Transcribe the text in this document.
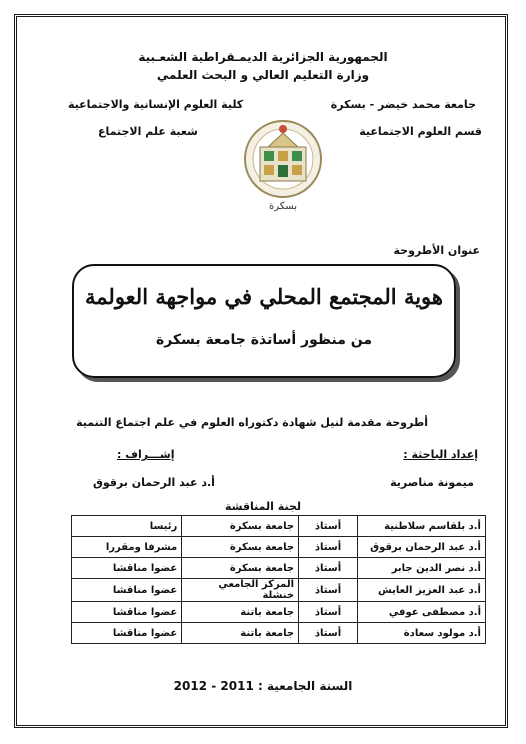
الجمهورية الجزائرية الديمـقراطية الشعـبية
وزارة التعليم العالي و البحث العلمي
جامعة محمد خيضر - بسكرة
كلية العلوم الإنسانية والاجتماعية
قسم العلوم الاجتماعية
شعبة علم الاجتماع
بسكرة
عنوان الأطروحة
هوية المجتمع المحلي في مواجهة العولمة
من منظور أساتذة جامعة بسكرة
أطروحة مقدمة لنيل شهادة دكتوراه العلوم في علم اجتماع التنمية
إعداد الباحثة :
إشـــراف :
ميمونة مناصرية
أ.د عبد الرحمان برقوق
لجنة المناقشة
أ.د بلقاسم سلاطنية	أستاذ	جامعة بسكرة	رئيسا
أ.د عبد الرحمان برقوق	أستاذ	جامعة بسكرة	مشرفا ومقررا
أ.د نصر الدين جابر	أستاذ	جامعة بسكرة	عضوا مناقشا
أ.د عبد العزيز العايش	أستاذ	المركز الجامعي خنشلة	عضوا مناقشا
أ.د مصطفى عوفي	أستاذ	جامعة باتنة	عضوا مناقشا
أ.د مولود سعادة	أستاذ	جامعة باتنة	عضوا مناقشا
السنة الجامعية : 2011 - 2012
